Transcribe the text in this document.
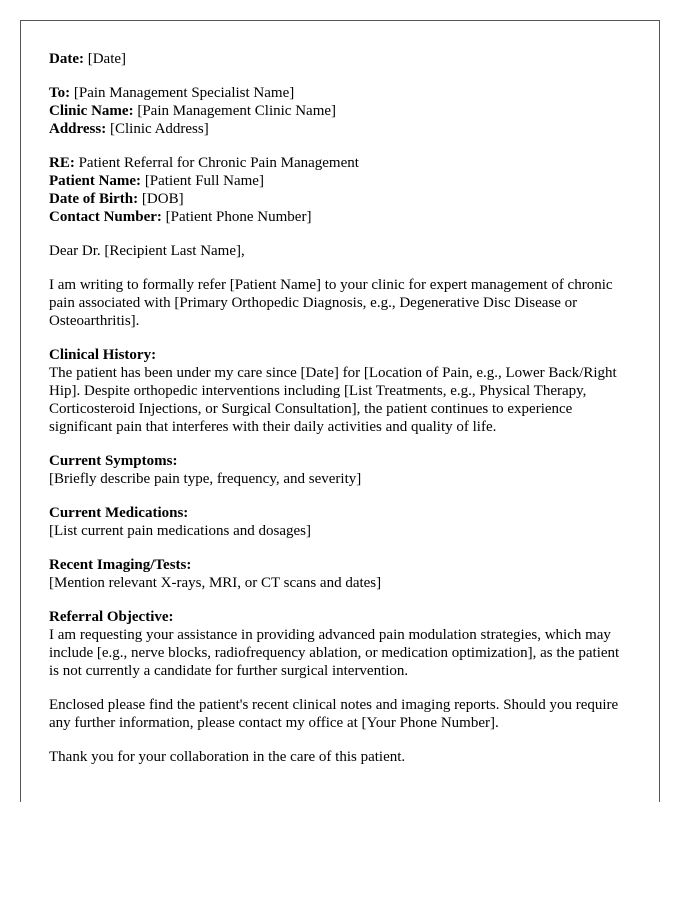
Date: [Date]
To: [Pain Management Specialist Name]
Clinic Name: [Pain Management Clinic Name]
Address: [Clinic Address]
RE: Patient Referral for Chronic Pain Management
Patient Name: [Patient Full Name]
Date of Birth: [DOB]
Contact Number: [Patient Phone Number]
Dear Dr. [Recipient Last Name],
I am writing to formally refer [Patient Name] to your clinic for expert management of chronic pain associated with [Primary Orthopedic Diagnosis, e.g., Degenerative Disc Disease or Osteoarthritis].
Clinical History:
The patient has been under my care since [Date] for [Location of Pain, e.g., Lower Back/Right Hip]. Despite orthopedic interventions including [List Treatments, e.g., Physical Therapy, Corticosteroid Injections, or Surgical Consultation], the patient continues to experience significant pain that interferes with their daily activities and quality of life.
Current Symptoms:
[Briefly describe pain type, frequency, and severity]
Current Medications:
[List current pain medications and dosages]
Recent Imaging/Tests:
[Mention relevant X-rays, MRI, or CT scans and dates]
Referral Objective:
I am requesting your assistance in providing advanced pain modulation strategies, which may include [e.g., nerve blocks, radiofrequency ablation, or medication optimization], as the patient is not currently a candidate for further surgical intervention.
Enclosed please find the patient's recent clinical notes and imaging reports. Should you require any further information, please contact my office at [Your Phone Number].
Thank you for your collaboration in the care of this patient.
